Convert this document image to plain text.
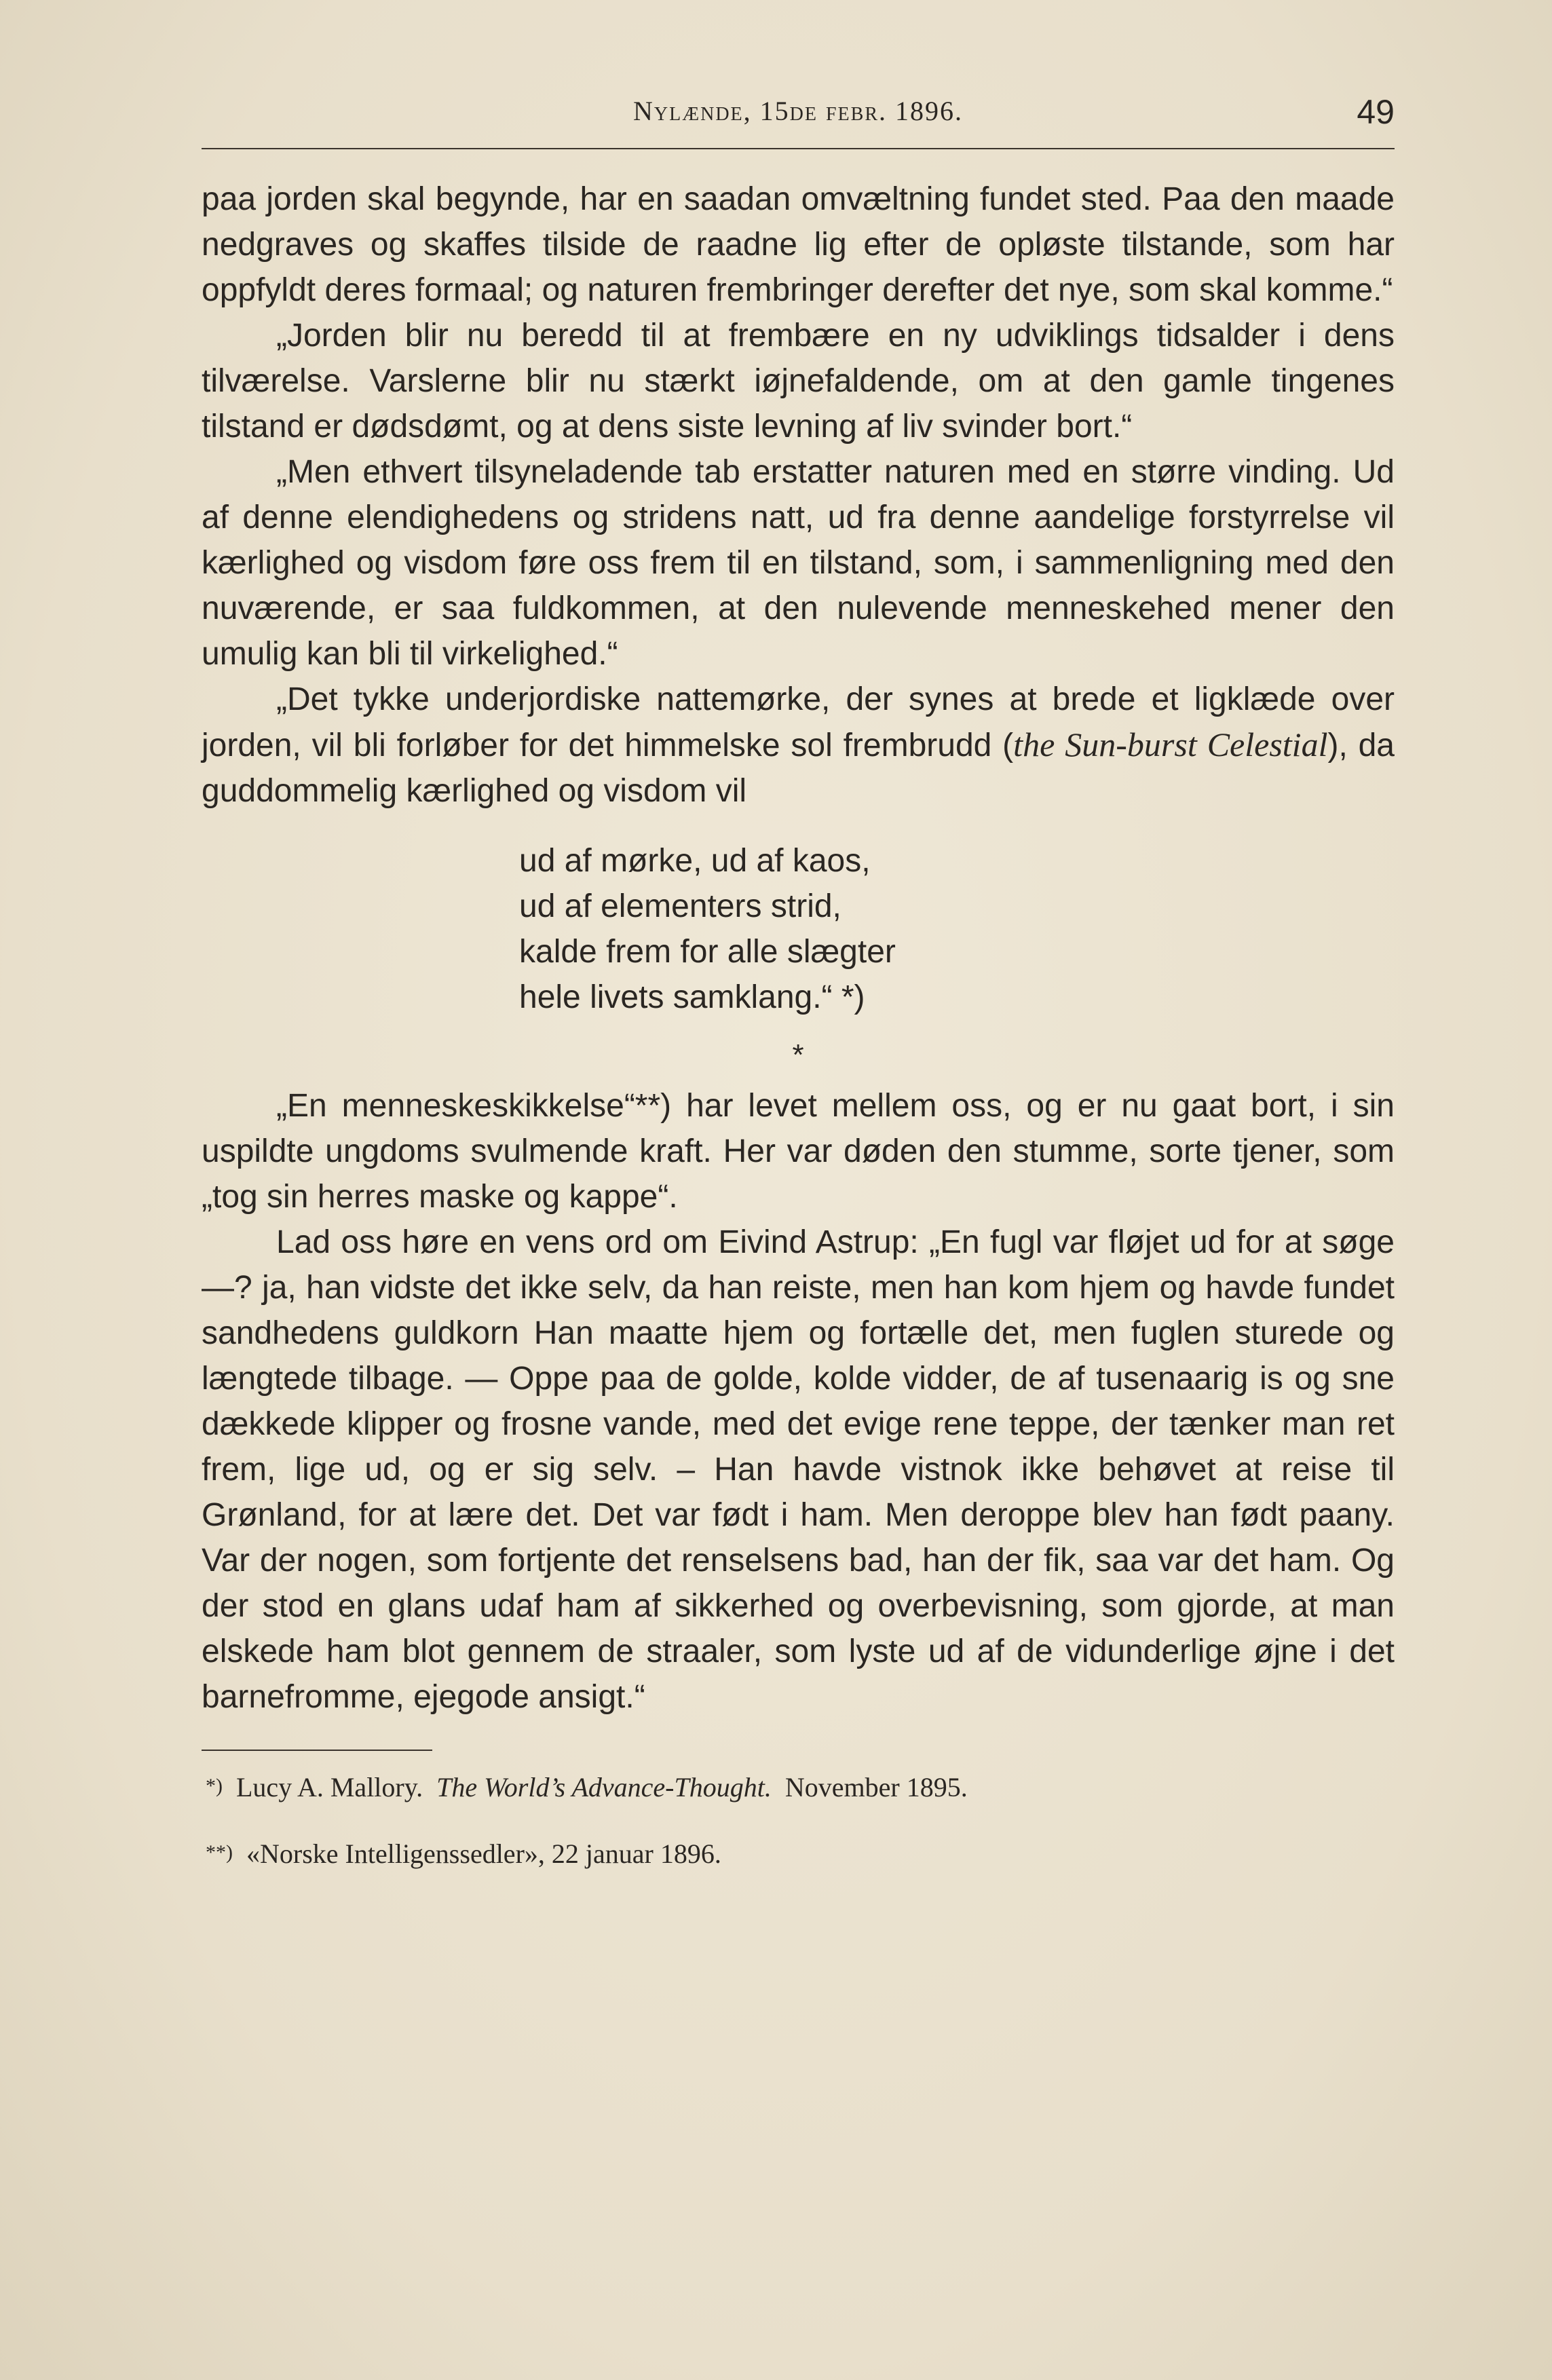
Nylænde, 15de febr. 1896.	49

paa jorden skal begynde, har en saadan omvæltning fundet sted. Paa den maade nedgraves og skaffes tilside de raadne lig efter de opløste tilstande, som har oppfyldt deres formaal; og naturen frembringer derefter det nye, som skal komme.“

„Jorden blir nu beredd til at frembære en ny udviklings tidsalder i dens tilværelse. Varslerne blir nu stærkt iøjnefaldende, om at den gamle tingenes tilstand er dødsdømt, og at dens siste levning af liv svinder bort.“

„Men ethvert tilsyneladende tab erstatter naturen med en større vinding. Ud af denne elendighedens og stridens natt, ud fra denne aandelige forstyrrelse vil kærlighed og visdom føre oss frem til en tilstand, som, i sammenligning med den nuværende, er saa fuldkommen, at den nulevende menneskehed mener den umulig kan bli til virkelighed.“

„Det tykke underjordiske nattemørke, der synes at brede et ligklæde over jorden, vil bli forløber for det himmelske sol frembrudd (the Sun-burst Celestial), da guddommelig kærlighed og visdom vil

ud af mørke, ud af kaos,
ud af elementers strid,
kalde frem for alle slægter
hele livets samklang.“ *)
*

„En menneskeskikkelse“**) har levet mellem oss, og er nu gaat bort, i sin uspildte ungdoms svulmende kraft. Her var døden den stumme, sorte tjener, som „tog sin herres maske og kappe“.

Lad oss høre en vens ord om Eivind Astrup: „En fugl var fløjet ud for at søge —? ja, han vidste det ikke selv, da han reiste, men han kom hjem og havde fundet sandhedens guldkorn Han maatte hjem og fortælle det, men fuglen sturede og længtede tilbage. — Oppe paa de golde, kolde vidder, de af tusenaarig is og sne dækkede klipper og frosne vande, med det evige rene teppe, der tænker man ret frem, lige ud, og er sig selv. – Han havde vistnok ikke behøvet at reise til Grønland, for at lære det. Det var født i ham. Men deroppe blev han født paany. Var der nogen, som fortjente det renselsens bad, han der fik, saa var det ham. Og der stod en glans udaf ham af sikkerhed og overbevisning, som gjorde, at man elskede ham blot gennem de straaler, som lyste ud af de vidunderlige øjne i det barnefromme, ejegode ansigt.“

*) Lucy A. Mallory. The World’s Advance-Thought. November 1895.
**) «Norske Intelligenssedler», 22 januar 1896.
